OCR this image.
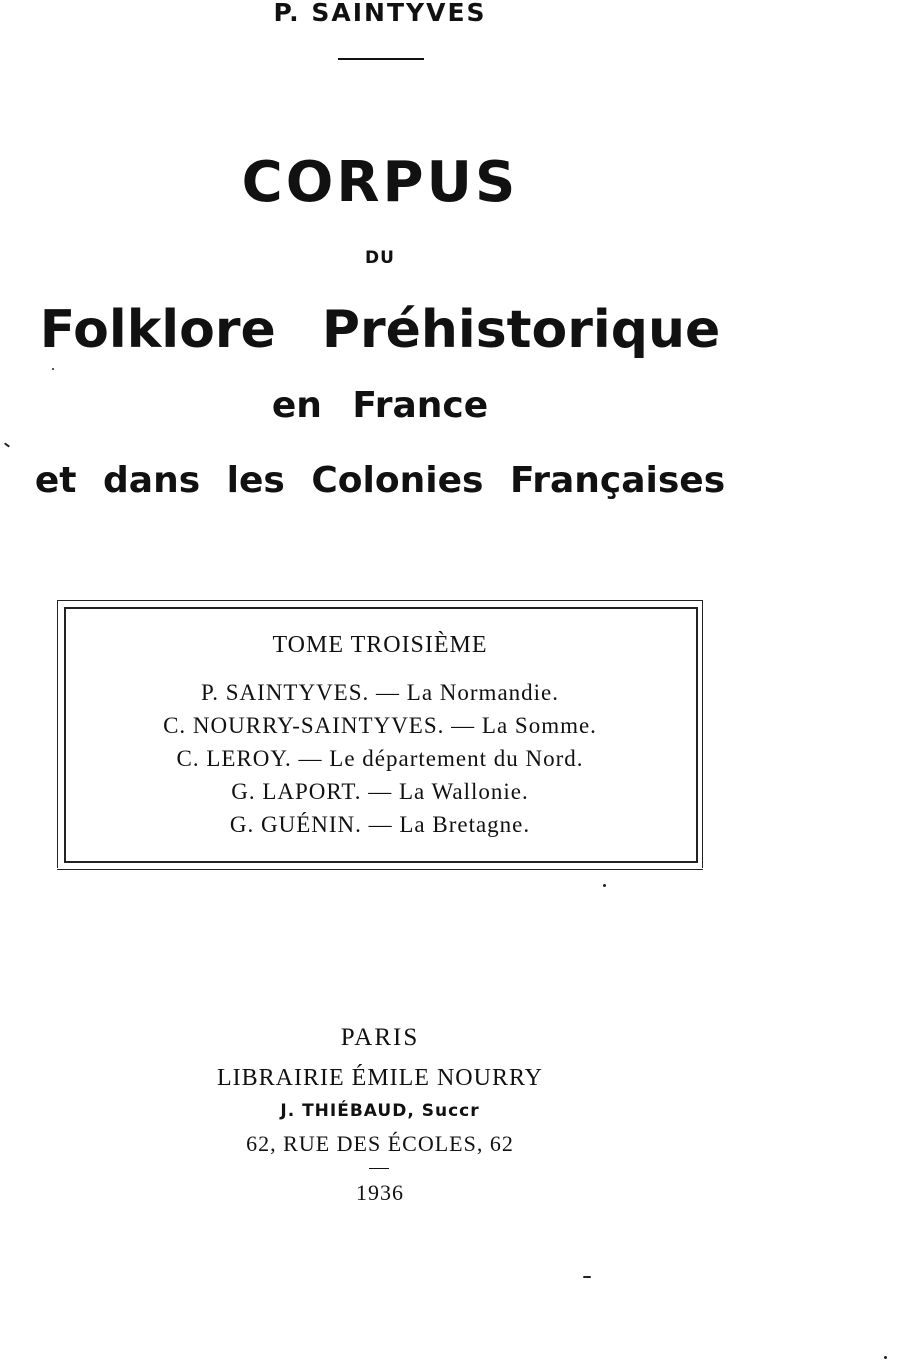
P. SAINTYVES
CORPUS
DU
Folklore Préhistorique
en France
et dans les Colonies Françaises
TOME TROISIÈME
P. SAINTYVES. — La Normandie.
C. NOURRY-SAINTYVES. — La Somme.
C. LEROY. — Le département du Nord.
G. LAPORT. — La Wallonie.
G. GUÉNIN. — La Bretagne.
PARIS
LIBRAIRIE ÉMILE NOURRY
J. THIÉBAUD, Succr
62, RUE DES ÉCOLES, 62
1936
